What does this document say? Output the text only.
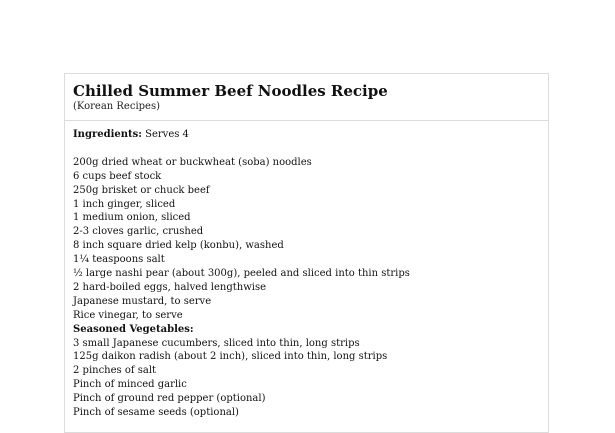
Chilled Summer Beef Noodles Recipe
(Korean Recipes)
Ingredients: Serves 4
200g dried wheat or buckwheat (soba) noodles
6 cups beef stock
250g brisket or chuck beef
1 inch ginger, sliced
1 medium onion, sliced
2-3 cloves garlic, crushed
8 inch square dried kelp (konbu), washed
1¼ teaspoons salt
½ large nashi pear (about 300g), peeled and sliced into thin strips
2 hard-boiled eggs, halved lengthwise
Japanese mustard, to serve
Rice vinegar, to serve
Seasoned Vegetables:
3 small Japanese cucumbers, sliced into thin, long strips
125g daikon radish (about 2 inch), sliced into thin, long strips
2 pinches of salt
Pinch of minced garlic
Pinch of ground red pepper (optional)
Pinch of sesame seeds (optional)
